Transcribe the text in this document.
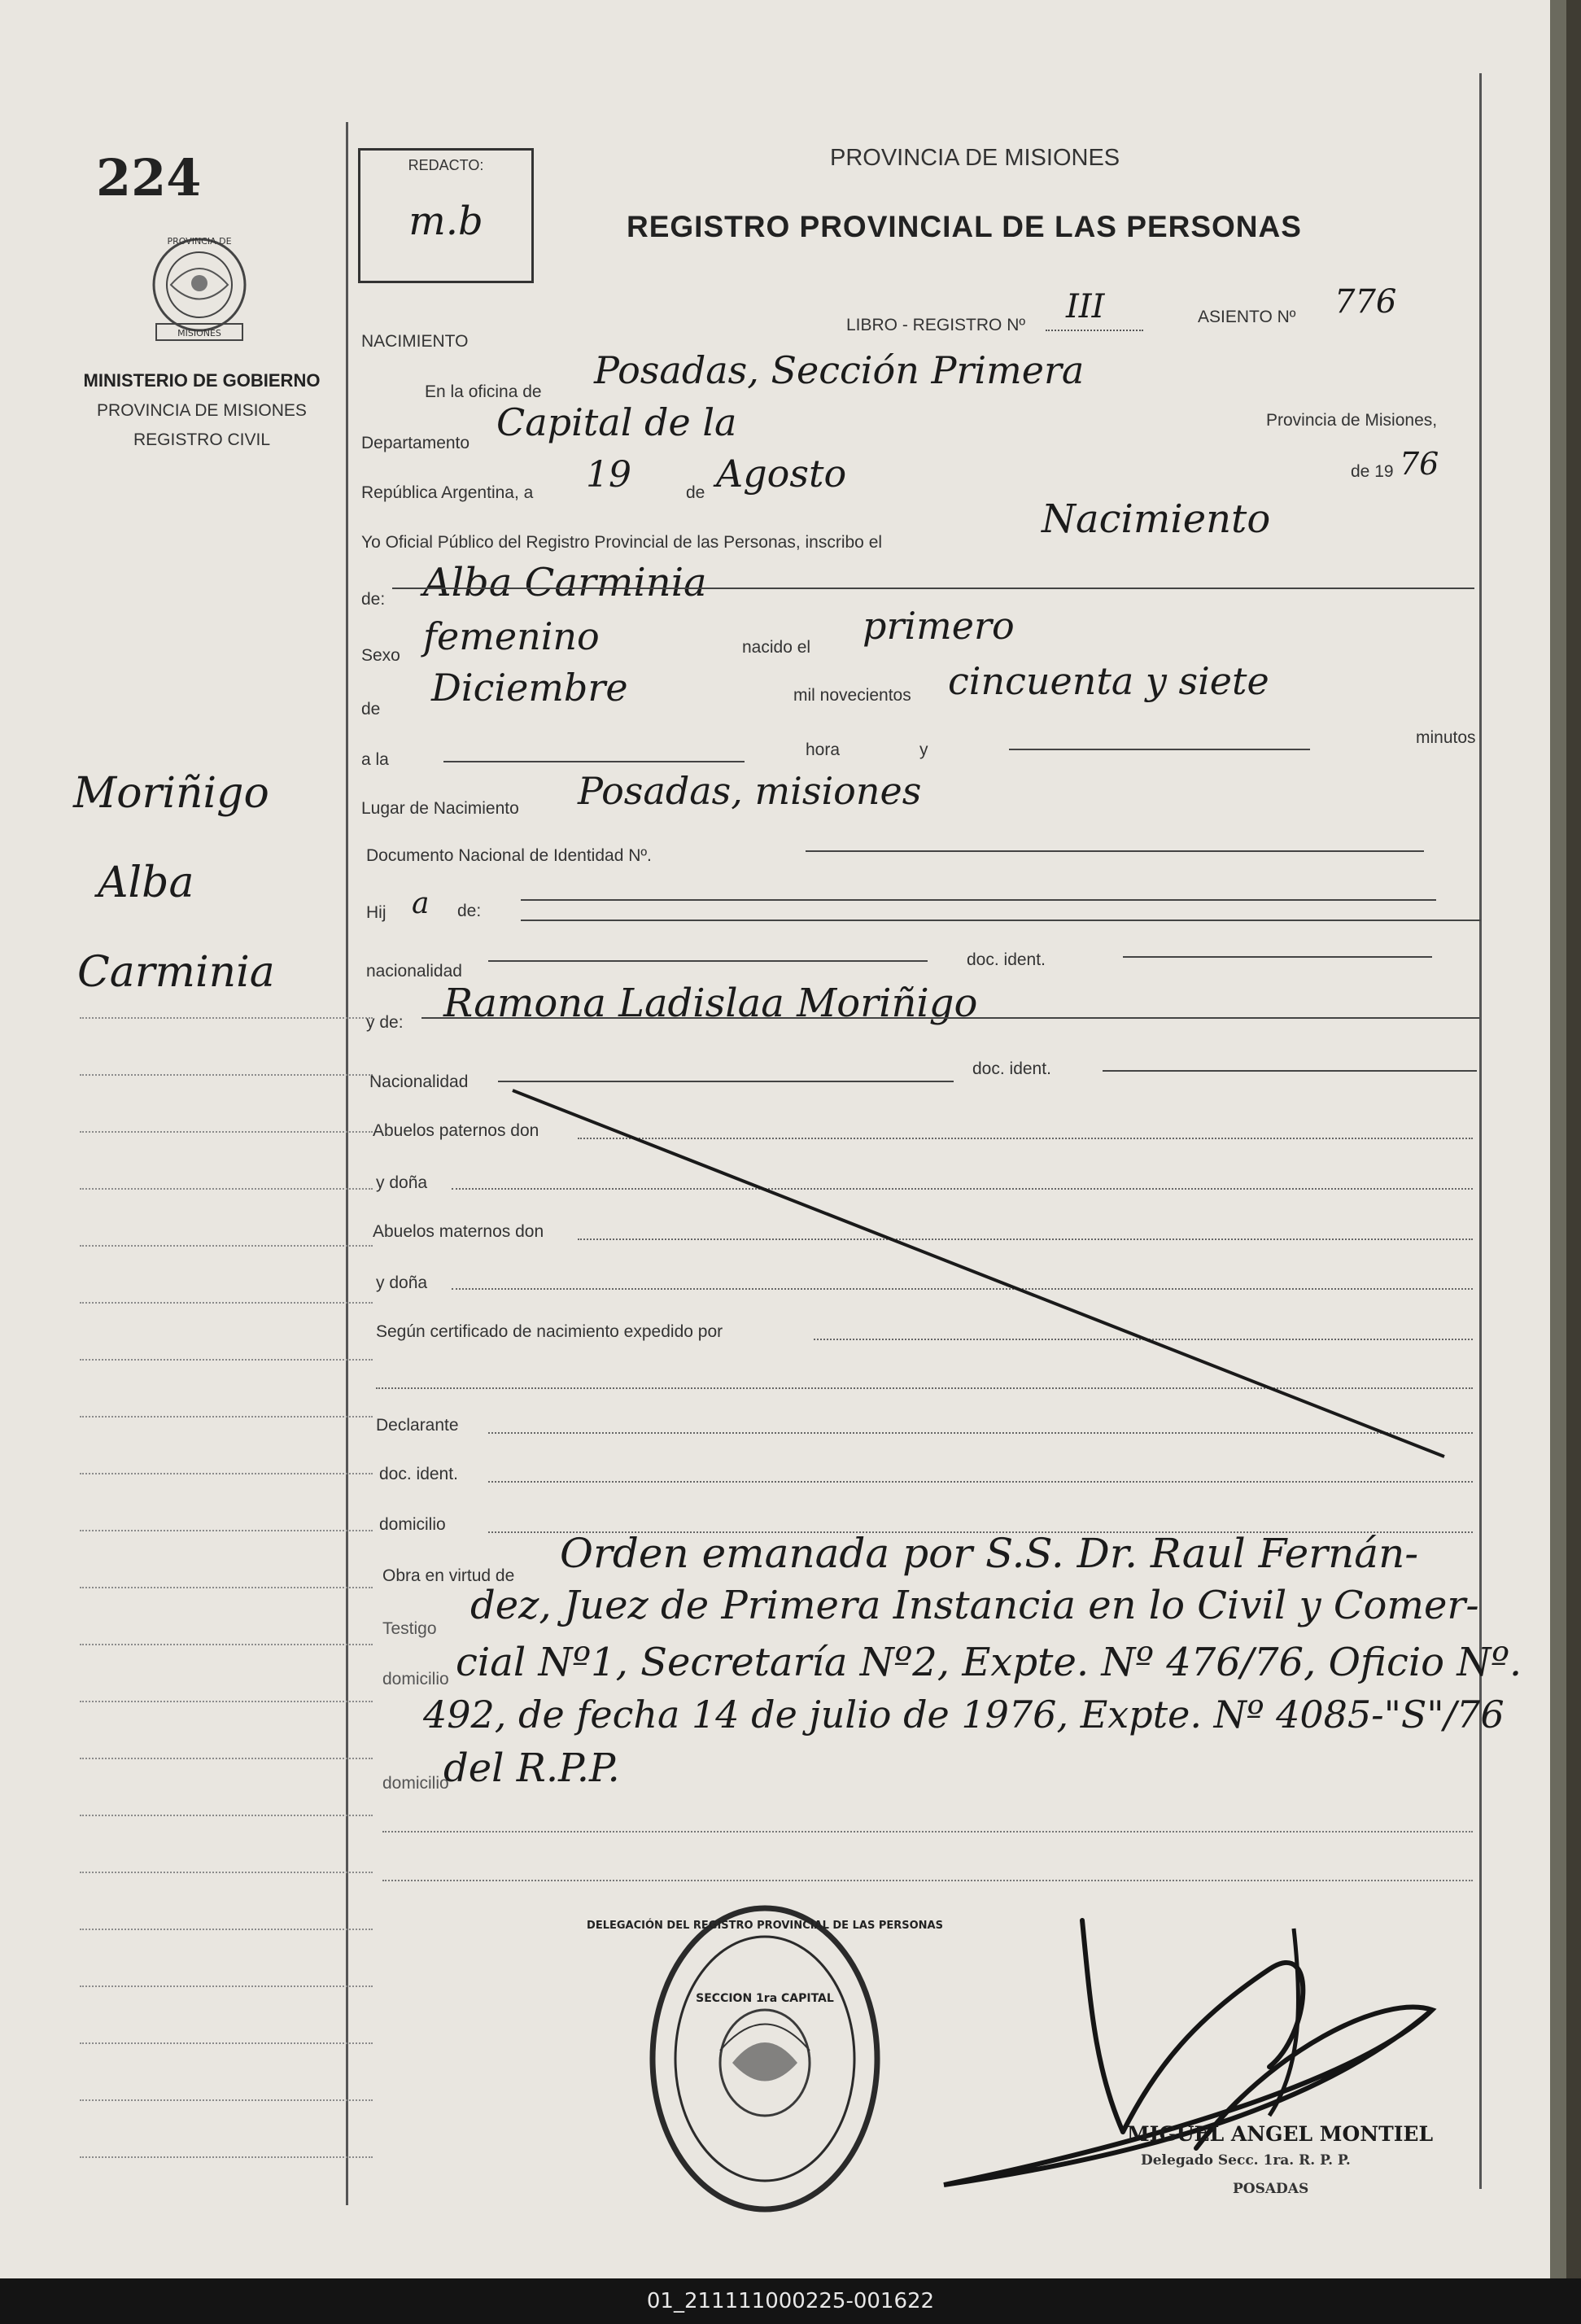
224
PROVINCIA DE
MISIONES
MINISTERIO DE GOBIERNO
PROVINCIA DE MISIONES
REGISTRO CIVIL
Moriñigo
Alba
Carminia
REDACTO:
m.b
PROVINCIA DE MISIONES
REGISTRO PROVINCIAL DE LAS PERSONAS
NACIMIENTO
LIBRO - REGISTRO Nº III	ASIENTO Nº 776
En la oficina de Posadas, Sección Primera
Departamento Capital de la	Provincia de Misiones,
República Argentina, a 19	de Agosto	de 19 76
Yo Oficial Público del Registro Provincial de las Personas, inscribo el
Nacimiento
de: Alba Carminia
Sexo femenino	nacido el primero
de Diciembre	mil novecientos cincuenta y siete
a la
hora	y
minutos
Lugar de Nacimiento Posadas, misiones
Documento Nacional de Identidad Nº.
Hij a de:
nacionalidad
doc. ident.
y de: Ramona Ladislaa Moriñigo
Nacionalidad
doc. ident.
Abuelos paternos don
y doña
Abuelos maternos don
y doña
Según certificado de nacimiento expedido por
Declarante
doc. ident.
domicilio
Obra en virtud de
Testigo
domicilio
domicilio
Orden emanada por S.S. Dr. Raul Fernán-
dez, Juez de Primera Instancia en lo Civil y Comer-
cial Nº1, Secretaría Nº2, Expte. Nº 476/76, Oficio Nº.
492, de fecha 14 de julio de 1976, Expte. Nº 4085-"S"/76
del R.P.P.
DELEGACIÓN DEL REGISTRO PROVINCIAL DE LAS PERSONAS
SECCION 1ra CAPITAL
MIGUEL ANGEL MONTIEL
Delegado Secc. 1ra. R. P. P.
POSADAS
01_211111000225-001622
